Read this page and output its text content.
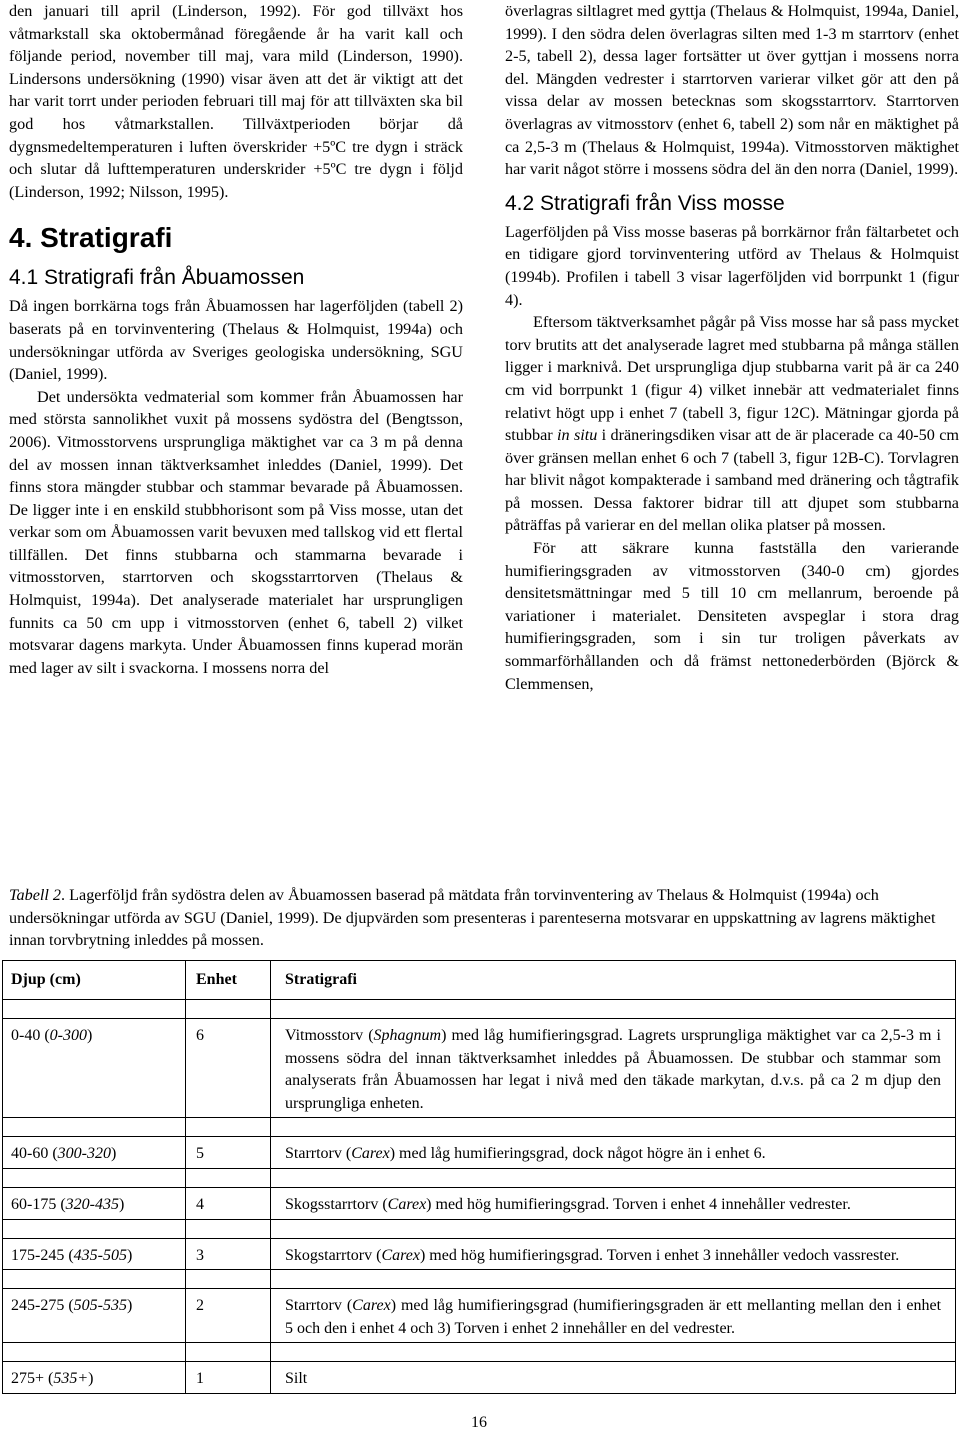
den januari till april (Linderson, 1992). För god tillväxt hos våtmarkstall ska oktobermånad föregående år ha varit kall och följande period, november till maj, vara mild (Linderson, 1990). Lindersons undersökning (1990) visar även att det är viktigt att det har varit torrt under perioden februari till maj för att tillväxten ska bil god hos våtmarkstallen. Tillväxtperioden börjar då dygnsmedeltemperaturen i luften överskrider +5ºC tre dygn i sträck och slutar då lufttemperaturen underskrider +5ºC tre dygn i följd (Linderson, 1992; Nilsson, 1995).

4. Stratigrafi
4.1 Stratigrafi från Åbuamossen

Då ingen borrkärna togs från Åbuamossen har lagerföljden (tabell 2) baserats på en torvinventering (Thelaus & Holmquist, 1994a) och undersökningar utförda av Sveriges geologiska undersökning, SGU (Daniel, 1999).

Det undersökta vedmaterial som kommer från Åbuamossen har med största sannolikhet vuxit på mossens sydöstra del (Bengtsson, 2006). Vitmosstorvens ursprungliga mäktighet var ca 3 m på denna del av mossen innan täktverksamhet inleddes (Daniel, 1999). Det finns stora mängder stubbar och stammar bevarade på Åbuamossen. De ligger inte i en enskild stubbhorisont som på Viss mosse, utan det verkar som om Åbuamossen varit bevuxen med tallskog vid ett flertal tillfällen. Det finns stubbarna och stammarna bevarade i vitmosstorven, starrtorven och skogsstarrtorven (Thelaus & Holmquist, 1994a). Det analyserade materialet har ursprungligen funnits ca 50 cm upp i vitmosstorven (enhet 6, tabell 2) vilket motsvarar dagens markyta. Under Åbuamossen finns kuperad morän med lager av silt i svackorna. I mossens norra del

överlagras siltlagret med gyttja (Thelaus & Holmquist, 1994a, Daniel, 1999). I den södra delen överlagras silten med 1-3 m starrtorv (enhet 2-5, tabell 2), dessa lager fortsätter ut över gyttjan i mossens norra del. Mängden vedrester i starrtorven varierar vilket gör att den på vissa delar av mossen betecknas som skogsstarrtorv. Starrtorven överlagras av vitmosstorv (enhet 6, tabell 2) som når en mäktighet på ca 2,5-3 m (Thelaus & Holmquist, 1994a). Vitmosstorven mäktighet har varit något större i mossens södra del än den norra (Daniel, 1999).

4.2 Stratigrafi från Viss mosse

Lagerföljden på Viss mosse baseras på borrkärnor från fältarbetet och en tidigare gjord torvinventering utförd av Thelaus & Holmquist (1994b). Profilen i tabell 3 visar lagerföljden vid borrpunkt 1 (figur 4).

Eftersom täktverksamhet pågår på Viss mosse har så pass mycket torv brutits att det analyserade lagret med stubbarna på många ställen ligger i marknivå. Det ursprungliga djup stubbarna varit på är ca 240 cm vid borrpunkt 1 (figur 4) vilket innebär att vedmaterialet finns relativt högt upp i enhet 7 (tabell 3, figur 12C). Mätningar gjorda på stubbar in situ i dräneringsdiken visar att de är placerade ca 40-50 cm över gränsen mellan enhet 6 och 7 (tabell 3, figur 12B-C). Torvlagren har blivit något kompakterade i samband med dränering och tågtrafik på mossen. Dessa faktorer bidrar till att djupet som stubbarna påträffas på varierar en del mellan olika platser på mossen.

För att säkrare kunna fastställa den varierande humifieringsgraden av vitmosstorven (340-0 cm) gjordes densitetsmättningar med 5 till 10 cm mellanrum, beroende på variationer i materialet. Densiteten avspeglar i stora drag humifieringsgraden, som i sin tur troligen påverkats av sommarförhållanden och då främst nettonederbörden (Björck & Clemmensen,

Tabell 2. Lagerföljd från sydöstra delen av Åbuamossen baserad på mätdata från torvinventering av Thelaus & Holmquist (1994a) och undersökningar utförda av SGU (Daniel, 1999). De djupvärden som presenteras i parenteserna motsvarar en uppskattning av lagrens mäktighet innan torvbrytning inleddes på mossen.
Djup (cm)	Enhet	Stratigrafi

0-40 (0-300)	6	Vitmosstorv (Sphagnum) med låg humifieringsgrad. Lagrets ursprungliga mäktighet var ca 2,5-3 m i mossens södra del innan täktverksamhet inleddes på Åbuamossen. De stubbar och stammar som analyserats från Åbuamossen har legat i nivå med den täkade markytan, d.v.s. på ca 2 m djup den ursprungliga enheten.

40-60 (300-320)	5	Starrtorv (Carex) med låg humifieringsgrad, dock något högre än i enhet 6.

60-175 (320-435)	4	Skogsstarrtorv (Carex) med hög humifieringsgrad. Torven i enhet 4 innehåller vedrester.

175-245 (435-505)	3	Skogstarrtorv (Carex) med hög humifieringsgrad. Torven i enhet 3 innehåller vedoch vassrester.

245-275 (505-535)	2	Starrtorv (Carex) med låg humifieringsgrad (humifieringsgraden är ett mellanting mellan den i enhet 5 och den i enhet 4 och 3) Torven i enhet 2 innehåller en del vedrester.

275+ (535+)	1	Silt
16
